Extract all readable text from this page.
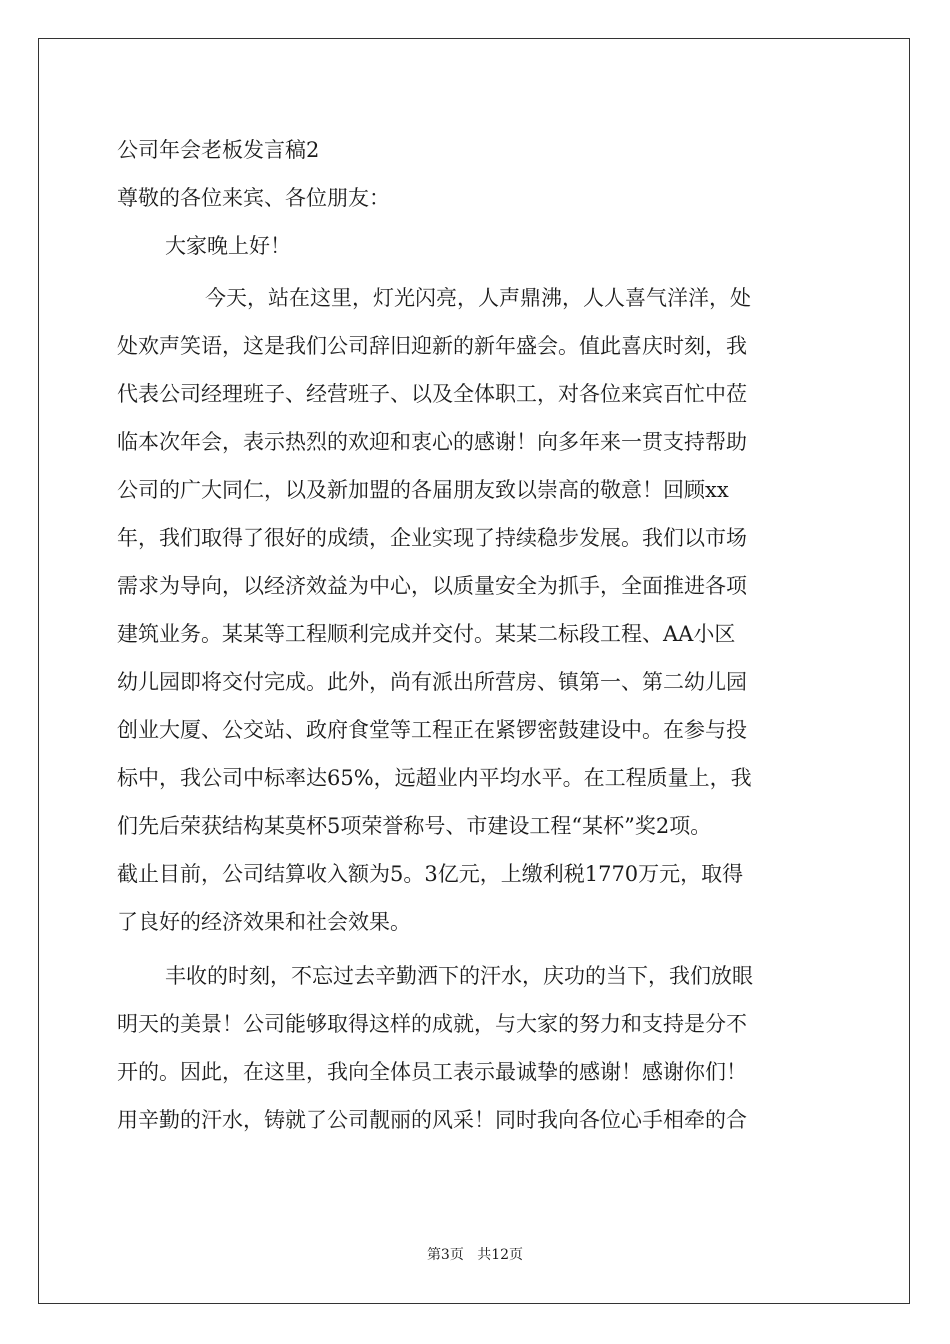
公司年会老板发言稿2
尊敬的各位来宾、各位朋友：
大家晚上好！
今天，站在这里，灯光闪亮，人声鼎沸，人人喜气洋洋，处
处欢声笑语，这是我们公司辞旧迎新的新年盛会。值此喜庆时刻，我
代表公司经理班子、经营班子、以及全体职工，对各位来宾百忙中莅
临本次年会，表示热烈的欢迎和衷心的感谢！向多年来一贯支持帮助
公司的广大同仁，以及新加盟的各届朋友致以崇高的敬意！回顾xx
年，我们取得了很好的成绩，企业实现了持续稳步发展。我们以市场
需求为导向，以经济效益为中心，以质量安全为抓手，全面推进各项
建筑业务。某某等工程顺利完成并交付。某某二标段工程、AA小区
幼儿园即将交付完成。此外，尚有派出所营房、镇第一、第二幼儿园
创业大厦、公交站、政府食堂等工程正在紧锣密鼓建设中。在参与投
标中，我公司中标率达65%，远超业内平均水平。在工程质量上，我
们先后荣获结构某莫杯5项荣誉称号、市建设工程“某杯”奖2项。
截止目前，公司结算收入额为5。3亿元，上缴利税1770万元，取得
了良好的经济效果和社会效果。
丰收的时刻，不忘过去辛勤洒下的汗水，庆功的当下，我们放眼
明天的美景！公司能够取得这样的成就，与大家的努力和支持是分不
开的。因此，在这里，我向全体员工表示最诚挚的感谢！感谢你们！
用辛勤的汗水，铸就了公司靓丽的风采！同时我向各位心手相牵的合
第3页 共12页
